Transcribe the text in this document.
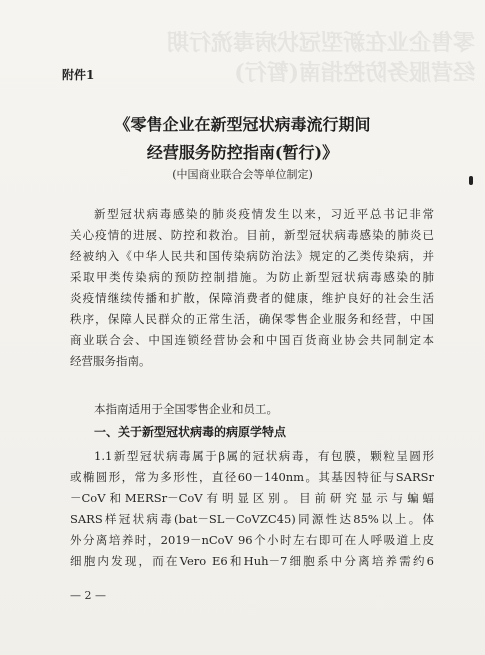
零售企业在新型冠状病毒流行期
经营服务防控指南(暂行)
附件1
《零售企业在新型冠状病毒流行期间
经营服务防控指南(暂行)》
(中国商业联合会等单位制定)
新型冠状病毒感染的肺炎疫情发生以来，习近平总书记非常
关心疫情的进展、防控和救治。目前，新型冠状病毒感染的肺炎已
经被纳入《中华人民共和国传染病防治法》规定的乙类传染病，并
采取甲类传染病的预防控制措施。为防止新型冠状病毒感染的肺
炎疫情继续传播和扩散，保障消费者的健康，维护良好的社会生活
秩序，保障人民群众的正常生活，确保零售企业服务和经营，中国
商业联合会、中国连锁经营协会和中国百货商业协会共同制定本
经营服务指南。
本指南适用于全国零售企业和员工。
一、关于新型冠状病毒的病原学特点
1.1新型冠状病毒属于β属的冠状病毒，有包膜，颗粒呈圆形
或椭圆形，常为多形性，直径60－140nm。其基因特征与SARSr
－CoV和MERSr－CoV有明显区别。目前研究显示与蝙蝠
SARS样冠状病毒(bat－SL－CoVZC45)同源性达85%以上。体
外分离培养时，2019－nCoV 96个小时左右即可在人呼吸道上皮
细胞内发现，而在Vero E6和Huh－7细胞系中分离培养需约6
— 2 —
